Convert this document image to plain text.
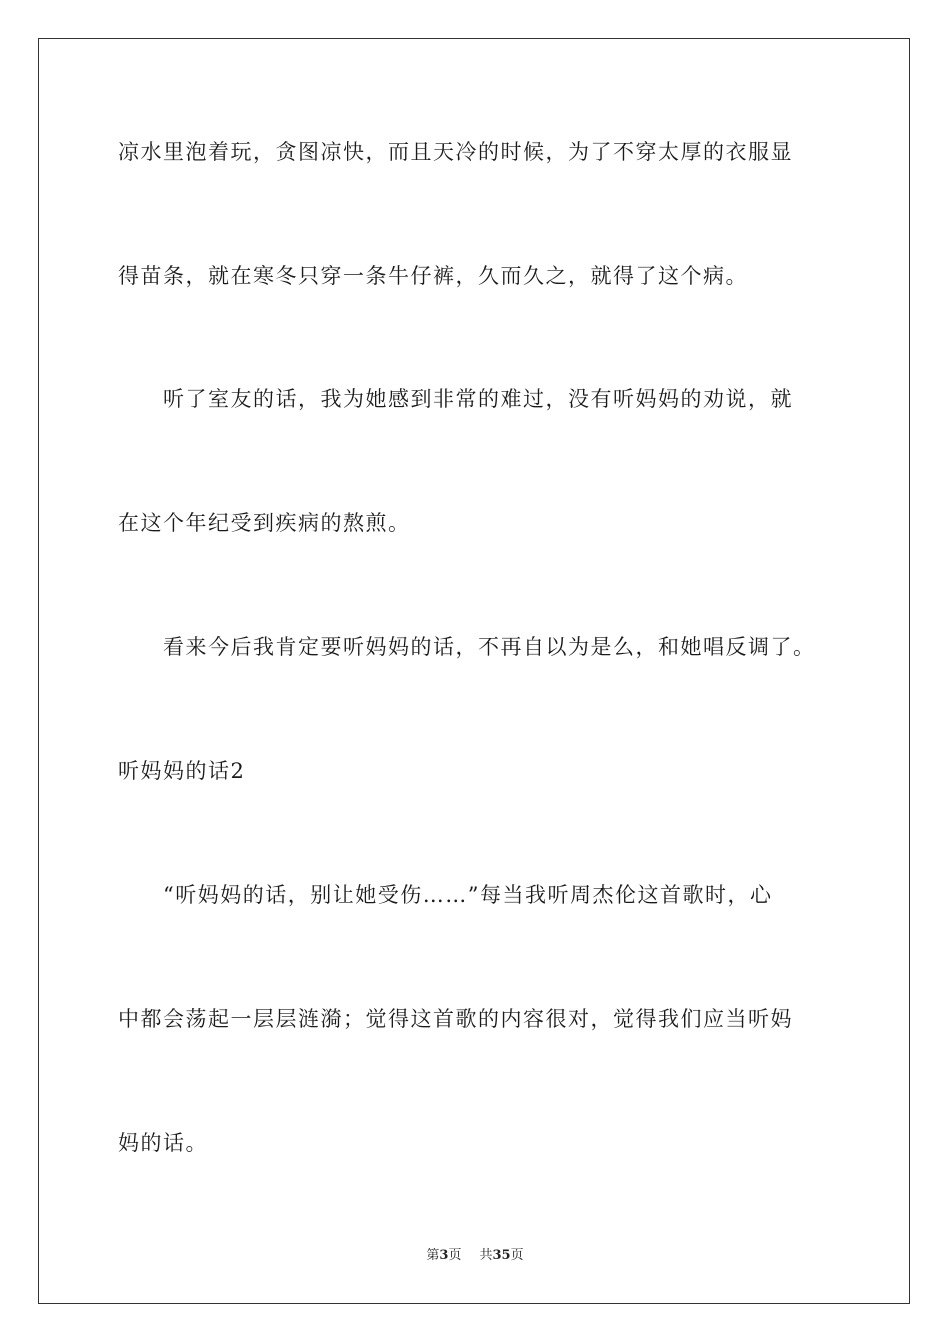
凉水里泡着玩，贪图凉快，而且天冷的时候，为了不穿太厚的衣服显
得苗条，就在寒冬只穿一条牛仔裤，久而久之，就得了这个病。
听了室友的话，我为她感到非常的难过，没有听妈妈的劝说，就
在这个年纪受到疾病的熬煎。
看来今后我肯定要听妈妈的话，不再自以为是么，和她唱反调了。
听妈妈的话2
“听妈妈的话，别让她受伤……”每当我听周杰伦这首歌时，心
中都会荡起一层层涟漪；觉得这首歌的内容很对，觉得我们应当听妈
妈的话。
第3页 共35页
